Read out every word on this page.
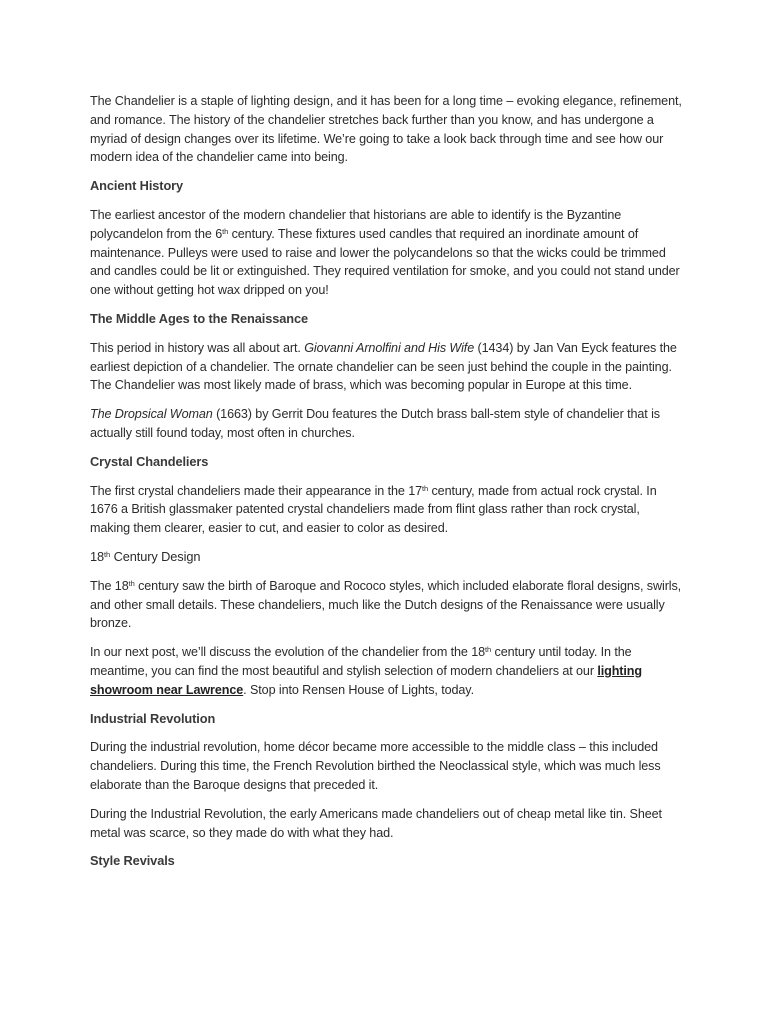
The Chandelier is a staple of lighting design, and it has been for a long time – evoking elegance, refinement, and romance. The history of the chandelier stretches back further than you know, and has undergone a myriad of design changes over its lifetime. We’re going to take a look back through time and see how our modern idea of the chandelier came into being.

Ancient History

The earliest ancestor of the modern chandelier that historians are able to identify is the Byzantine polycandelon from the 6th century. These fixtures used candles that required an inordinate amount of maintenance. Pulleys were used to raise and lower the polycandelons so that the wicks could be trimmed and candles could be lit or extinguished. They required ventilation for smoke, and you could not stand under one without getting hot wax dripped on you!

The Middle Ages to the Renaissance

This period in history was all about art. Giovanni Arnolfini and His Wife (1434) by Jan Van Eyck features the earliest depiction of a chandelier. The ornate chandelier can be seen just behind the couple in the painting. The Chandelier was most likely made of brass, which was becoming popular in Europe at this time.

The Dropsical Woman (1663) by Gerrit Dou features the Dutch brass ball-stem style of chandelier that is actually still found today, most often in churches.

Crystal Chandeliers

The first crystal chandeliers made their appearance in the 17th century, made from actual rock crystal. In 1676 a British glassmaker patented crystal chandeliers made from flint glass rather than rock crystal, making them clearer, easier to cut, and easier to color as desired.

18th Century Design

The 18th century saw the birth of Baroque and Rococo styles, which included elaborate floral designs, swirls, and other small details. These chandeliers, much like the Dutch designs of the Renaissance were usually bronze.

In our next post, we’ll discuss the evolution of the chandelier from the 18th century until today. In the meantime, you can find the most beautiful and stylish selection of modern chandeliers at our lighting showroom near Lawrence. Stop into Rensen House of Lights, today.

Industrial Revolution

During the industrial revolution, home décor became more accessible to the middle class – this included chandeliers. During this time, the French Revolution birthed the Neoclassical style, which was much less elaborate than the Baroque designs that preceded it.

During the Industrial Revolution, the early Americans made chandeliers out of cheap metal like tin. Sheet metal was scarce, so they made do with what they had.

Style Revivals
